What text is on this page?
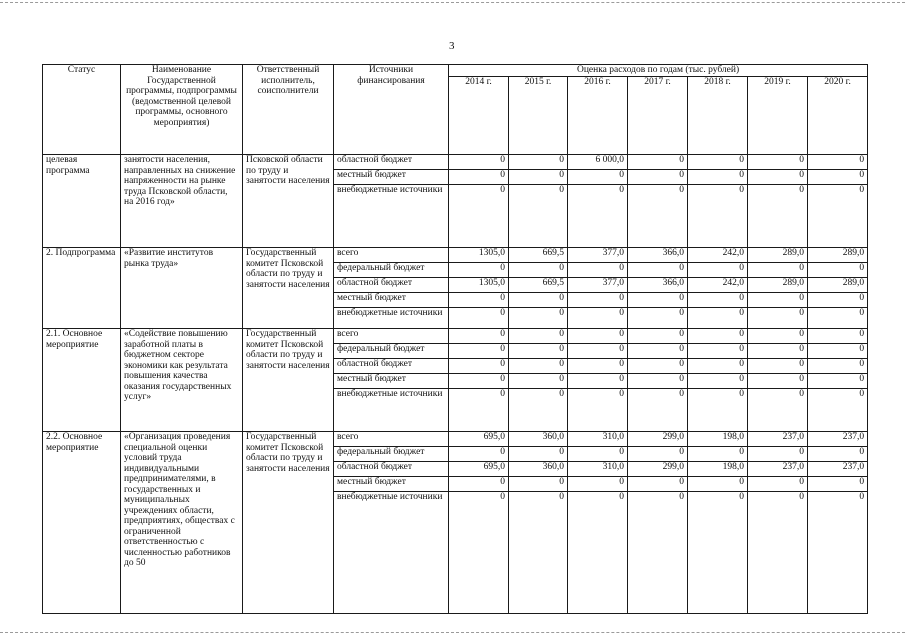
3
Статус	Наименование Государственной программы, подпрограммы (ведомственной целевой программы, основного мероприятия)	Ответственный исполнитель, соисполнители	Источники финансирования	Оценка расходов по годам (тыс. рублей)						
				2014 г.	2015 г.	2016 г.	2017 г.	2018 г.	2019 г.	2020 г.
целевая программа	занятости населения, направленных на снижение напряженности на рынке труда Псковской области, на 2016 год»	Псковской области по труду и занятости населения	областной бюджет	0	0	6 000,0	0	0	0	0
			местный бюджет	0	0	0	0	0	0	0
			внебюджетные источники	0	0	0	0	0	0	0
2. Подпрограмма	«Развитие институтов рынка труда»	Государственный комитет Псковской области по труду и занятости населения	всего	1305,0	669,5	377,0	366,0	242,0	289,0	289,0
			федеральный бюджет	0	0	0	0	0	0	0
			областной бюджет	1305,0	669,5	377,0	366,0	242,0	289,0	289,0
			местный бюджет	0	0	0	0	0	0	0
			внебюджетные источники	0	0	0	0	0	0	0
2.1. Основное мероприятие	«Содействие повышению заработной платы в бюджетном секторе экономики как результата повышения качества оказания государственных услуг»	Государственный комитет Псковской области по труду и занятости населения	всего	0	0	0	0	0	0	0
			федеральный бюджет	0	0	0	0	0	0	0
			областной бюджет	0	0	0	0	0	0	0
			местный бюджет	0	0	0	0	0	0	0
			внебюджетные источники	0	0	0	0	0	0	0
2.2. Основное мероприятие	«Организация проведения специальной оценки условий труда индивидуальными предпринимателями, в государственных и муниципальных учреждениях области, предприятиях, обществах с ограниченной ответственностью с численностью работников до 50	Государственный комитет Псковской области по труду и занятости населения	всего	695,0	360,0	310,0	299,0	198,0	237,0	237,0
			федеральный бюджет	0	0	0	0	0	0	0
			областной бюджет	695,0	360,0	310,0	299,0	198,0	237,0	237,0
			местный бюджет	0	0	0	0	0	0	0
			внебюджетные источники	0	0	0	0	0	0	0
